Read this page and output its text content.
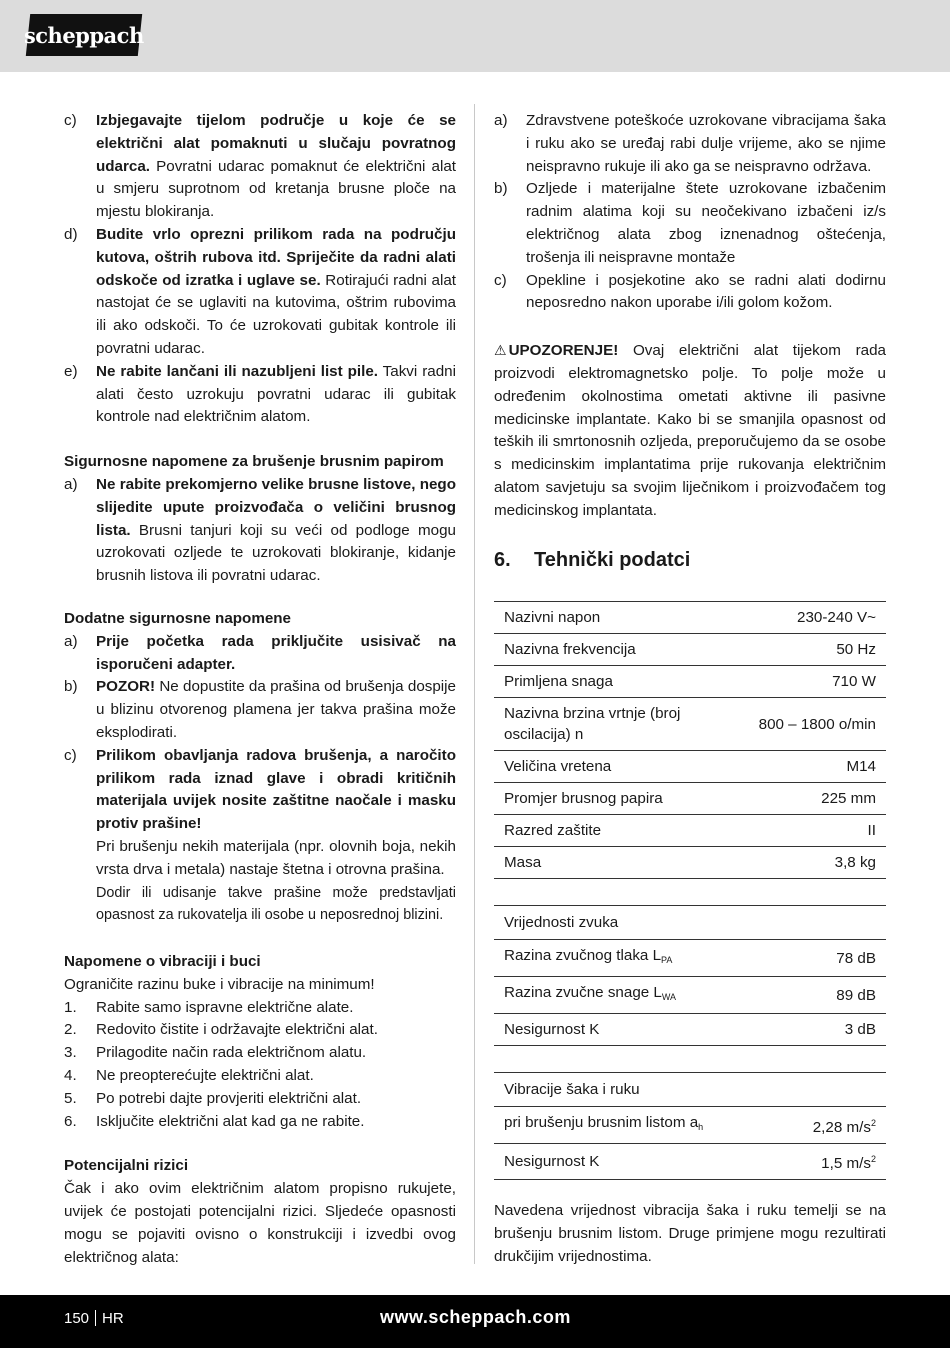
scheppach
c)	Izbjegavajte tijelom područje u koje će se električni alat pomaknuti u slučaju povratnog udarca. Povratni udarac pomaknut će električni alat u smjeru suprotnom od kretanja brusne ploče na mjestu blokiranja.
d)	Budite vrlo oprezni prilikom rada na području kutova, oštrih rubova itd. Spriječite da radni alati odskoče od izratka i uglave se. Rotirajući radni alat nastojat će se uglaviti na kutovima, oštrim rubovima ili ako odskoči. To će uzrokovati gubitak kontrole ili povratni udarac.
e)	Ne rabite lančani ili nazubljeni list pile. Takvi radni alati često uzrokuju povratni udarac ili gubitak kontrole nad električnim alatom.
Sigurnosne napomene za brušenje brusnim papirom
a)	Ne rabite prekomjerno velike brusne listove, nego slijedite upute proizvođača o veličini brusnog lista. Brusni tanjuri koji su veći od podloge mogu uzrokovati ozljede te uzrokovati blokiranje, kidanje brusnih listova ili povratni udarac.
Dodatne sigurnosne napomene
a)	Prije početka rada priključite usisivač na isporučeni adapter.
b)	POZOR! Ne dopustite da prašina od brušenja dospije u blizinu otvorenog plamena jer takva prašina može eksplodirati.
c)	Prilikom obavljanja radova brušenja, a naročito prilikom rada iznad glave i obradi kritičnih materijala uvijek nosite zaštitne naočale i masku protiv prašine!
Pri brušenju nekih materijala (npr. olovnih boja, nekih vrsta drva i metala) nastaje štetna i otrovna prašina.
Dodir ili udisanje takve prašine može predstavljati opasnost za rukovatelja ili osobe u neposrednoj blizini.
Napomene o vibraciji i buci
Ograničite razinu buke i vibracije na minimum!
1.	Rabite samo ispravne električne alate.
2.	Redovito čistite i održavajte električni alat.
3.	Prilagodite način rada električnom alatu.
4.	Ne preopterećujte električni alat.
5.	Po potrebi dajte provjeriti električni alat.
6.	Isključite električni alat kad ga ne rabite.
Potencijalni rizici
Čak i ako ovim električnim alatom propisno rukujete, uvijek će postojati potencijalni rizici. Sljedeće opasnosti mogu se pojaviti ovisno o konstrukciji i izvedbi ovog električnog alata:
a)	Zdravstvene poteškoće uzrokovane vibracijama šaka i ruku ako se uređaj rabi dulje vrijeme, ako se njime neispravno rukuje ili ako ga se neispravno održava.
b)	Ozljede i materijalne štete uzrokovane izbačenim radnim alatima koji su neočekivano izbačeni iz/s električnog alata zbog iznenadnog oštećenja, trošenja ili neispravne montaže
c)	Opekline i posjekotine ako se radni alati dodirnu neposredno nakon uporabe i/ili golom kožom.
⚠ UPOZORENJE! Ovaj električni alat tijekom rada proizvodi elektromagnetsko polje. To polje može u određenim okolnostima ometati aktivne ili pasivne medicinske implantate. Kako bi se smanjila opasnost od teških ili smrtonosnih ozljeda, preporučujemo da se osobe s medicinskim implantatima prije rukovanja električnim alatom savjetuju sa svojim liječnikom i proizvođačem tog medicinskog implantata.
6.	Tehnički podatci
Nazivni napon	230-240 V~
Nazivna frekvencija	50 Hz
Primljena snaga	710 W
Nazivna brzina vrtnje (broj oscilacija) n	800 – 1800 o/min
Veličina vretena	M14
Promjer brusnog papira	225 mm
Razred zaštite	II
Masa	3,8 kg
Vrijednosti zvuka	
Razina zvučnog tlaka $L_{PA}$	78 dB
Razina zvučne snage $L_{WA}$	89 dB
Nesigurnost K	3 dB
Vibracije šaka i ruku	
pri brušenju brusnim listom $a_h$	2,28 $m/s^2$
Nesigurnost K	1,5 $m/s^2$
Navedena vrijednost vibracija šaka i ruku temelji se na brušenju brusnim listom. Druge primjene mogu rezultirati drukčijim vrijednostima.
150 HR	www.scheppach.com
